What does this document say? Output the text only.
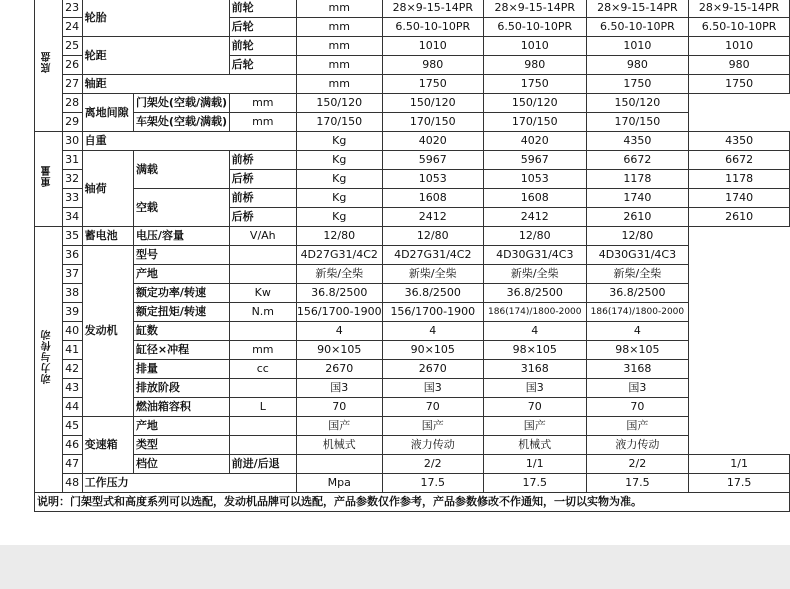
底盘	23	轮胎		前轮	mm	28×9-15-14PR	28×9-15-14PR	28×9-15-14PR	28×9-15-14PR
	24			后轮	mm	6.50-10-10PR	6.50-10-10PR	6.50-10-10PR	6.50-10-10PR
	25	轮距		前轮	mm	1010	1010	1010	1010
	26			后轮	mm	980	980	980	980
	27	轴距			mm	1750	1750	1750	1750
	28	离地间隙	门架处(空载/满载)	mm	150/120	150/120	150/120	150/120	
	29		车架处(空载/满载)	mm	170/150	170/150	170/150	170/150	
重量	30	自重			Kg	4020	4020	4350	4350
	31	轴荷	满载	前桥	Kg	5967	5967	6672	6672
	32			后桥	Kg	1053	1053	1178	1178
	33		空载	前桥	Kg	1608	1608	1740	1740
	34			后桥	Kg	2412	2412	2610	2610
动力与传动	35	蓄电池	电压/容量	V/Ah	12/80	12/80	12/80	12/80	
	36	发动机	型号		4D27G31/4C2	4D27G31/4C2	4D30G31/4C3	4D30G31/4C3	
	37		产地		新柴/全柴	新柴/全柴	新柴/全柴	新柴/全柴	
	38		额定功率/转速	Kw	36.8/2500	36.8/2500	36.8/2500	36.8/2500	
	39		额定扭矩/转速	N.m	156/1700-1900	156/1700-1900	186(174)/1800-2000	186(174)/1800-2000	
	40		缸数		4	4	4	4	
	41		缸径×冲程	mm	90×105	90×105	98×105	98×105	
	42		排量	cc	2670	2670	3168	3168	
	43		排放阶段		国3	国3	国3	国3	
	44		燃油箱容积	L	70	70	70	70	
	45	变速箱	产地		国产	国产	国产	国产	
	46		类型		机械式	液力传动	机械式	液力传动	
	47		档位	前进/后退		2/2	1/1	2/2	1/1
	48	工作压力			Mpa	17.5	17.5	17.5	17.5
说明：门架型式和高度系列可以选配，发动机品牌可以选配，产品参数仅作参考，产品参数修改不作通知，一切以实物为准。									
